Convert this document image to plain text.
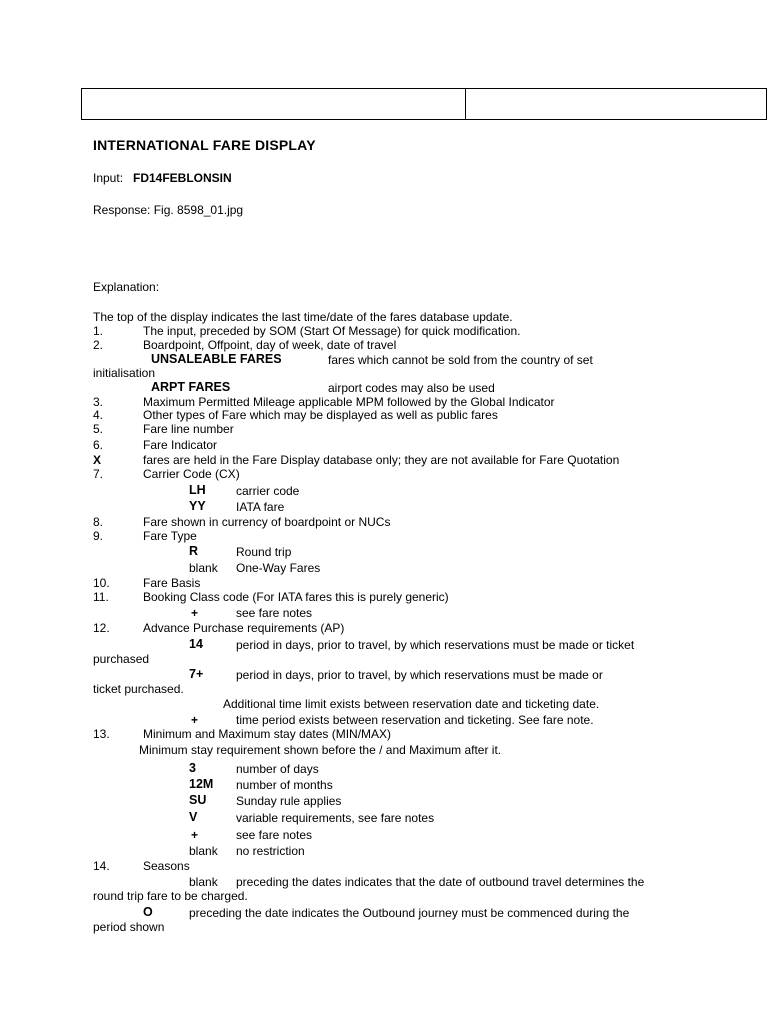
INTERNATIONAL FARE DISPLAY
Input: FD14FEBLONSIN
Response: Fig. 8598_01.jpg
Explanation:
The top of the display indicates the last time/date of the fares database update.
1.	The input, preceded by SOM (Start Of Message) for quick modification.
2.	Boardpoint, Offpoint, day of week, date of travel
UNSALEABLE FARES	fares which cannot be sold from the country of set
initialisation
ARPT FARES	airport codes may also be used
3.	Maximum Permitted Mileage applicable MPM followed by the Global Indicator
4.	Other types of Fare which may be displayed as well as public fares
5.	Fare line number
6.	Fare Indicator
X	fares are held in the Fare Display database only; they are not available for Fare Quotation
7.	Carrier Code (CX)
LH	carrier code
YY	IATA fare
8.	Fare shown in currency of boardpoint or NUCs
9.	Fare Type
R	Round trip
blank One-Way Fares
10.	Fare Basis
11.	Booking Class code (For IATA fares this is purely generic)
+	see fare notes
12.	Advance Purchase requirements (AP)
14	period in days, prior to travel, by which reservations must be made or ticket
purchased
7+	period in days, prior to travel, by which reservations must be made or
ticket purchased.
Additional time limit exists between reservation date and ticketing date.
+	time period exists between reservation and ticketing. See fare note.
13.	Minimum and Maximum stay dates (MIN/MAX)
Minimum stay requirement shown before the / and Maximum after it.
3	number of days
12M number of months
SU Sunday rule applies
V	variable requirements, see fare notes
+	see fare notes
blank no restriction
14.	Seasons
blank preceding the dates indicates that the date of outbound travel determines the
round trip fare to be charged.
O	preceding the date indicates the Outbound journey must be commenced during the
period shown
